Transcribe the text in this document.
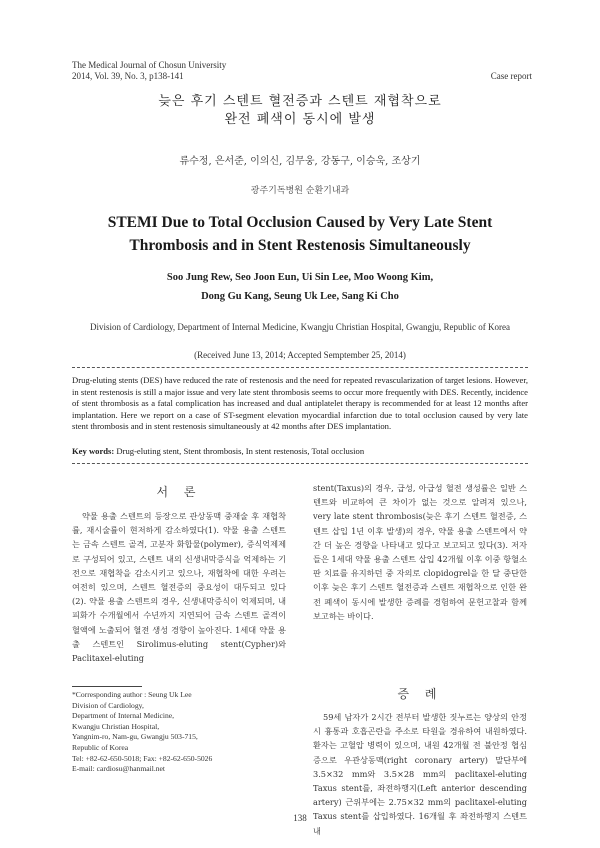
The Medical Journal of Chosun University
2014, Vol. 39, No. 3, p138-141	Case report
늦은 후기 스텐트 혈전증과 스텐트 재협착으로
완전 폐색이 동시에 발생
류수정, 은서준, 이의신, 김무웅, 강동구, 이승욱, 조상기
광주기독병원 순환기내과
STEMI Due to Total Occlusion Caused by Very Late Stent
Thrombosis and in Stent Restenosis Simultaneously
Soo Jung Rew, Seo Joon Eun, Ui Sin Lee, Moo Woong Kim,
Dong Gu Kang, Seung Uk Lee, Sang Ki Cho
Division of Cardiology, Department of Internal Medicine, Kwangju Christian Hospital, Gwangju, Republic of Korea
(Received June 13, 2014; Accepted Semptember 25, 2014)
Drug-eluting stents (DES) have reduced the rate of restenosis and the need for repeated revascularization of target lesions. However, in stent restenosis is still a major issue and very late stent thrombosis seems to occur more frequently with DES. Recently, incidence of stent thrombosis as a fatal complication has increased and dual antiplatelet therapy is recommended for at least 12 months after implantation. Here we report on a case of ST-segment elevation myocardial infarction due to total occlusion caused by very late stent thrombosis and in stent restenosis simultaneously at 42 months after DES implantation.
Key words: Drug-eluting stent, Stent thrombosis, In stent restenosis, Total occlusion
서 론

약물 용출 스텐트의 등장으로 관상동맥 중재술 후 재협착률, 재시술률이 현저하게 감소하였다(1). 약물 용출 스텐트는 금속 스텐트 골격, 고분자 화합물(polymer), 증식억제제로 구성되어 있고, 스텐트 내의 신생내막증식을 억제하는 기전으로 재협착을 감소시키고 있으나, 재협착에 대한 우려는 여전히 있으며, 스텐트 혈전증의 중요성이 대두되고 있다(2). 약물 용출 스텐트의 경우, 신생내막증식이 억제되며, 내피화가 수개월에서 수년까지 지연되어 금속 스텐트 골격이 혈액에 노출되어 혈전 생성 경향이 높아진다. 1세대 약물 용출 스텐트인 Sirolimus-eluting stent(Cypher)와 Paclitaxel-eluting

stent(Taxus)의 경우, 급성, 아급성 혈전 생성률은 일반 스텐트와 비교하여 큰 차이가 없는 것으로 알려져 있으나, very late stent thrombosis(늦은 후기 스텐트 혈전증, 스텐트 삽입 1년 이후 발생)의 경우, 약물 용출 스텐트에서 약간 더 높은 경향을 나타내고 있다고 보고되고 있다(3). 저자들은 1세대 약물 용출 스텐트 삽입 42개월 이후 이중 항혈소판 치료를 유지하던 중 자의로 clopidogrel을 한 달 중단한 이후 늦은 후기 스텐트 혈전증과 스텐트 재협착으로 인한 완전 폐색이 동시에 발생한 증례를 경험하여 문헌고찰과 함께 보고하는 바이다.

증 례

59세 남자가 2시간 전부터 발생한 짓누르는 양상의 안정 시 흉통과 호흡곤란을 주소로 타원을 경유하여 내원하였다. 환자는 고혈압 병력이 있으며, 내원 42개월 전 불안정 협심증으로 우관상동맥(right coronary artery) 말단부에 3.5×32 mm와 3.5×28 mm의 paclitaxel-eluting Taxus stent를, 좌전하행지(Left anterior descending artery) 근위부에는 2.75×32 mm의 paclitaxel-eluting Taxus stent를 삽입하였다. 16개월 후 좌전하행지 스텐트 내

*Corresponding author : Seung Uk Lee
Division of Cardiology,
Department of Internal Medicine,
Kwangju Christian Hospital,
Yangnim-ro, Nam-gu, Gwangju 503-715,
Republic of Korea
Tel: +82-62-650-5018; Fax: +82-62-650-5026
E-mail: cardiosu@hanmail.net
138
